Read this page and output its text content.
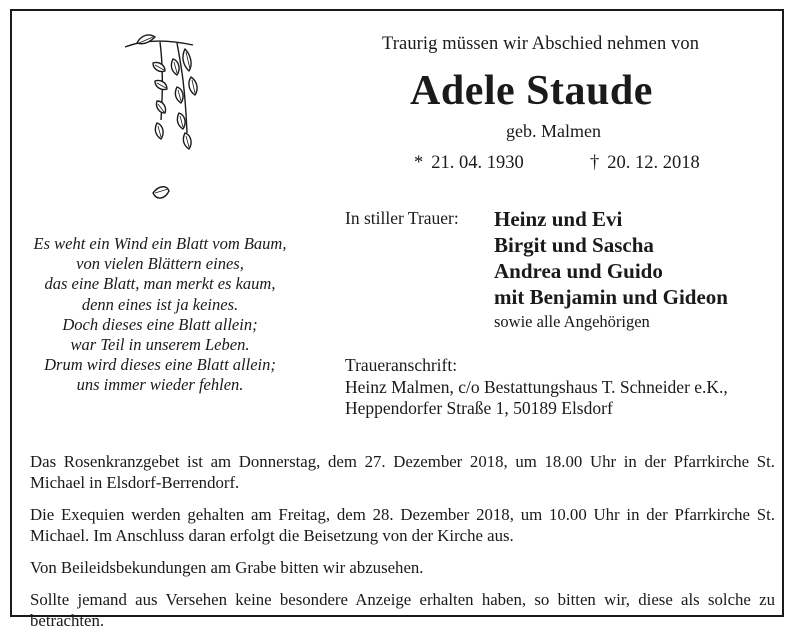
Traurig müssen wir Abschied nehmen von
Adele Staude
geb. Malmen
* 21. 04. 1930	† 20. 12. 2018
Es weht ein Wind ein Blatt vom Baum,
von vielen Blättern eines,
das eine Blatt, man merkt es kaum,
denn eines ist ja keines.
Doch dieses eine Blatt allein;
war Teil in unserem Leben.
Drum wird dieses eine Blatt allein;
uns immer wieder fehlen.
In stiller Trauer: Heinz und Evi
Birgit und Sascha
Andrea und Guido
mit Benjamin und Gideon
sowie alle Angehörigen
Traueranschrift:
Heinz Malmen, c/o Bestattungshaus T. Schneider e.K.,
Heppendorfer Straße 1, 50189 Elsdorf

Das Rosenkranzgebet ist am Donnerstag, dem 27. Dezember 2018, um 18.00 Uhr in der Pfarrkirche St. Michael in Elsdorf-Berrendorf.

Die Exequien werden gehalten am Freitag, dem 28. Dezember 2018, um 10.00 Uhr in der Pfarrkirche St. Michael. Im Anschluss daran erfolgt die Beisetzung von der Kirche aus.

Von Beileidsbekundungen am Grabe bitten wir abzusehen.

Sollte jemand aus Versehen keine besondere Anzeige erhalten haben, so bitten wir, diese als solche zu betrachten.
